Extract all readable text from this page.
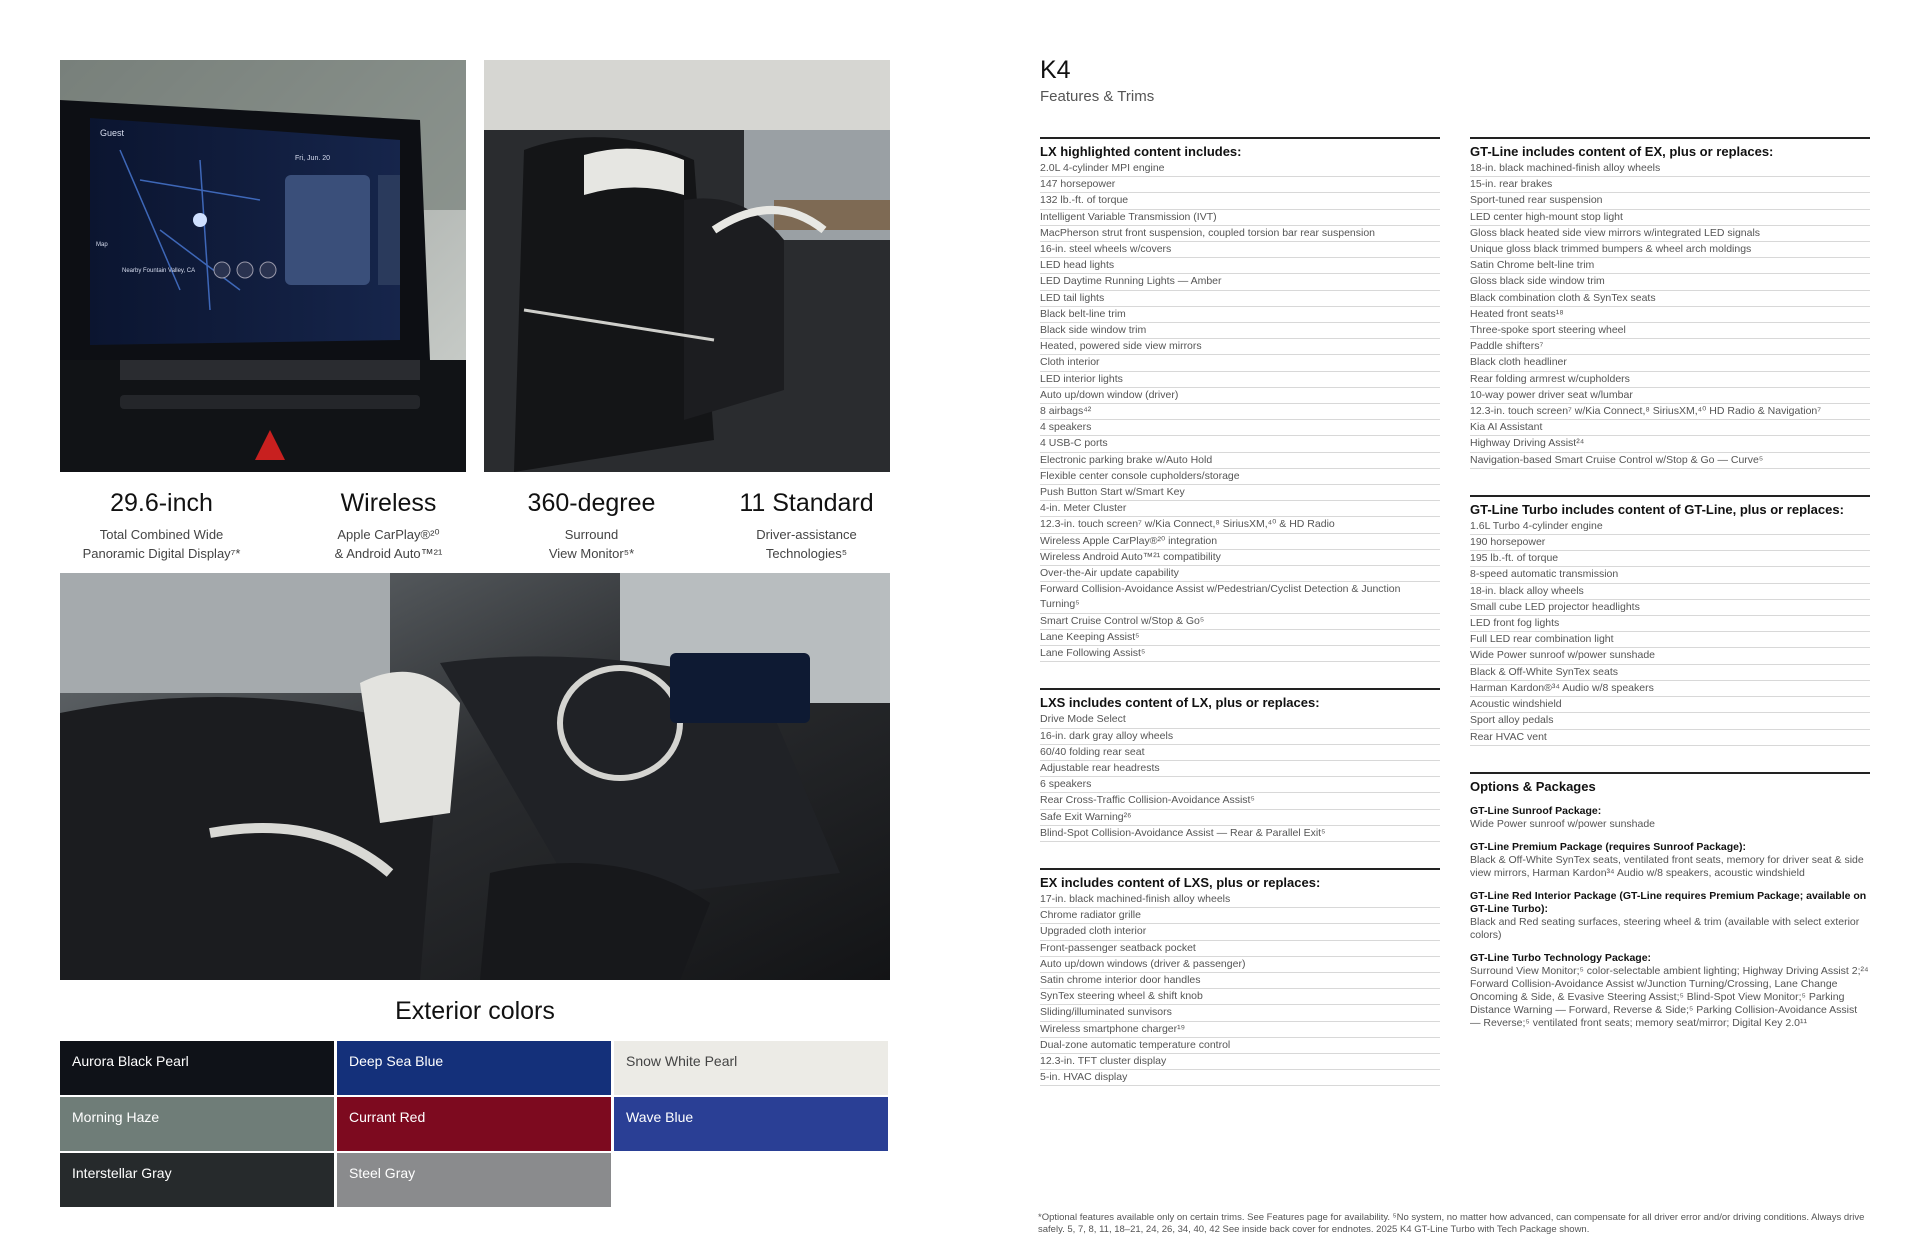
Guest
Fri, Jun. 20
Map
Nearby Fountain Valley, CA
29.6-inch
Total Combined Wide
Panoramic Digital Display⁷*
Wireless
Apple CarPlay®²⁰
& Android Auto™²¹
360-degree
Surround
View Monitor⁵*
11 Standard
Driver-assistance
Technologies⁵
Exterior colors
Aurora Black Pearl	Deep Sea Blue	Snow White Pearl
Morning Haze	Currant Red	Wave Blue
Interstellar Gray	Steel Gray
K4
Features & Trims
LX highlighted content includes:
2.0L 4-cylinder MPI engine
147 horsepower
132 lb.-ft. of torque
Intelligent Variable Transmission (IVT)
MacPherson strut front suspension, coupled torsion bar rear suspension
16-in. steel wheels w/covers
LED head lights
LED Daytime Running Lights — Amber
LED tail lights
Black belt-line trim
Black side window trim
Heated, powered side view mirrors
Cloth interior
LED interior lights
Auto up/down window (driver)
8 airbags⁴²
4 speakers
4 USB-C ports
Electronic parking brake w/Auto Hold
Flexible center console cupholders/storage
Push Button Start w/Smart Key
4-in. Meter Cluster
12.3-in. touch screen⁷ w/Kia Connect,⁸ SiriusXM,⁴⁰ & HD Radio
Wireless Apple CarPlay®²⁰ integration
Wireless Android Auto™²¹ compatibility
Over-the-Air update capability
Forward Collision-Avoidance Assist w/Pedestrian/Cyclist Detection & Junction Turning⁵
Smart Cruise Control w/Stop & Go⁵
Lane Keeping Assist⁵
Lane Following Assist⁵
LXS includes content of LX, plus or replaces:
Drive Mode Select
16-in. dark gray alloy wheels
60/40 folding rear seat
Adjustable rear headrests
6 speakers
Rear Cross-Traffic Collision-Avoidance Assist⁵
Safe Exit Warning²⁶
Blind-Spot Collision-Avoidance Assist — Rear & Parallel Exit⁵
EX includes content of LXS, plus or replaces:
17-in. black machined-finish alloy wheels
Chrome radiator grille
Upgraded cloth interior
Front-passenger seatback pocket
Auto up/down windows (driver & passenger)
Satin chrome interior door handles
SynTex steering wheel & shift knob
Sliding/illuminated sunvisors
Wireless smartphone charger¹⁹
Dual-zone automatic temperature control
12.3-in. TFT cluster display
5-in. HVAC display
GT-Line includes content of EX, plus or replaces:
18-in. black machined-finish alloy wheels
15-in. rear brakes
Sport-tuned rear suspension
LED center high-mount stop light
Gloss black heated side view mirrors w/integrated LED signals
Unique gloss black trimmed bumpers & wheel arch moldings
Satin Chrome belt-line trim
Gloss black side window trim
Black combination cloth & SynTex seats
Heated front seats¹⁸
Three-spoke sport steering wheel
Paddle shifters⁷
Black cloth headliner
Rear folding armrest w/cupholders
10-way power driver seat w/lumbar
12.3-in. touch screen⁷ w/Kia Connect,⁸ SiriusXM,⁴⁰ HD Radio & Navigation⁷
Kia AI Assistant
Highway Driving Assist²⁴
Navigation-based Smart Cruise Control w/Stop & Go — Curve⁵
GT-Line Turbo includes content of GT-Line, plus or replaces:
1.6L Turbo 4-cylinder engine
190 horsepower
195 lb.-ft. of torque
8-speed automatic transmission
18-in. black alloy wheels
Small cube LED projector headlights
LED front fog lights
Full LED rear combination light
Wide Power sunroof w/power sunshade
Black & Off-White SynTex seats
Harman Kardon®³⁴ Audio w/8 speakers
Acoustic windshield
Sport alloy pedals
Rear HVAC vent
Options & Packages
GT-Line Sunroof Package:

Wide Power sunroof w/power sunshade

GT-Line Premium Package (requires Sunroof Package):

Black & Off-White SynTex seats, ventilated front seats, memory for driver seat & side view mirrors, Harman Kardon³⁴ Audio w/8 speakers, acoustic windshield

GT-Line Red Interior Package (GT-Line requires Premium Package; available on GT-Line Turbo):

Black and Red seating surfaces, steering wheel & trim (available with select exterior colors)

GT-Line Turbo Technology Package:

Surround View Monitor;⁵ color-selectable ambient lighting; Highway Driving Assist 2;²⁴ Forward Collision-Avoidance Assist w/Junction Turning/Crossing, Lane Change Oncoming & Side, & Evasive Steering Assist;⁵ Blind-Spot View Monitor;⁵ Parking Distance Warning — Forward, Reverse & Side;⁵ Parking Collision-Avoidance Assist — Reverse;⁵ ventilated front seats; memory seat/mirror; Digital Key 2.0¹¹

*Optional features available only on certain trims. See Features page for availability. ⁵No system, no matter how advanced, can compensate for all driver error and/or driving conditions. Always drive safely. 5, 7, 8, 11, 18–21, 24, 26, 34, 40, 42 See inside back cover for endnotes. 2025 K4 GT-Line Turbo with Tech Package shown.
